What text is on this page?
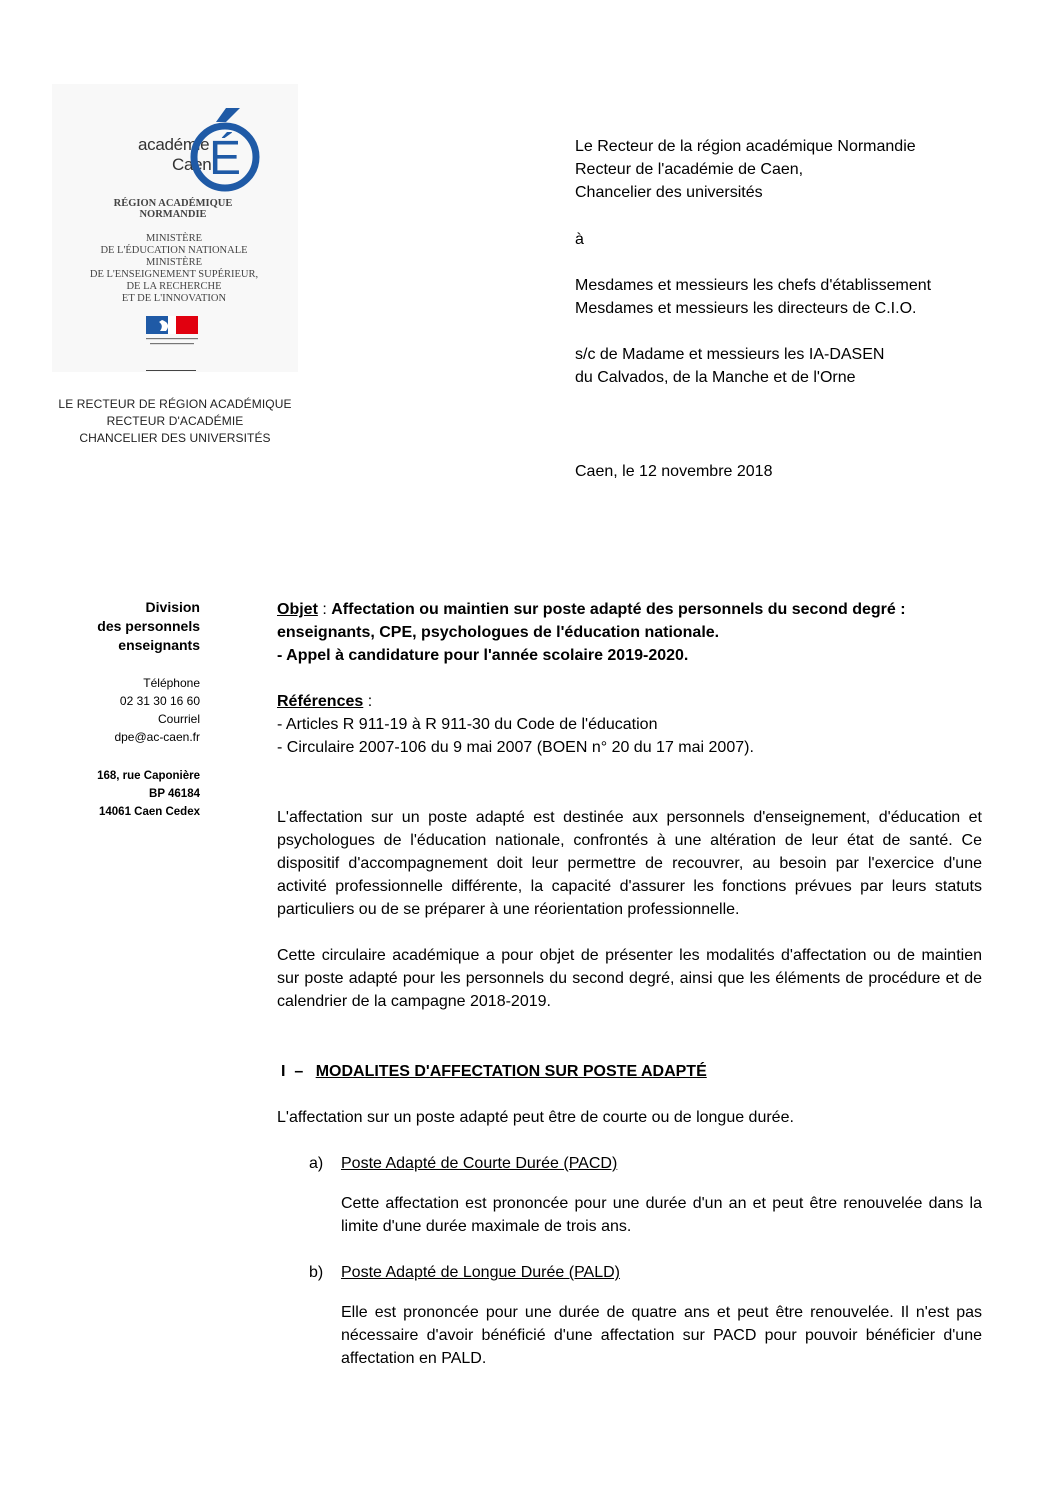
académie
Caen
É
RÉGION ACADÉMIQUE
NORMANDIE
MINISTÈRE
DE L'ÉDUCATION NATIONALE
MINISTÈRE
DE L'ENSEIGNEMENT SUPÉRIEUR,
DE LA RECHERCHE
ET DE L'INNOVATION
LE RECTEUR DE RÉGION ACADÉMIQUE
RECTEUR D'ACADÉMIE
CHANCELIER DES UNIVERSITÉS
Le Recteur de la région académique Normandie
Recteur de l'académie de Caen,
Chancelier des universités
à
Mesdames et messieurs les chefs d'établissement
Mesdames et messieurs les directeurs de C.I.O.
s/c de Madame et messieurs les IA-DASEN
du Calvados, de la Manche et de l'Orne
Caen, le 12 novembre 2018
Division
des personnels
enseignants
Téléphone
02 31 30 16 60
Courriel
dpe@ac-caen.fr
168, rue Caponière
BP 46184
14061 Caen Cedex
Objet : Affectation ou maintien sur poste adapté des personnels du second degré :
enseignants, CPE, psychologues de l'éducation nationale.
- Appel à candidature pour l'année scolaire 2019-2020.
Références :
- Articles R 911-19 à R 911-30 du Code de l'éducation
- Circulaire 2007-106 du 9 mai 2007 (BOEN n° 20 du 17 mai 2007).

L'affectation sur un poste adapté est destinée aux personnels d'enseignement, d'éducation et psychologues de l'éducation nationale, confrontés à une altération de leur état de santé. Ce dispositif d'accompagnement doit leur permettre de recouvrer, au besoin par l'exercice d'une activité professionnelle différente, la capacité d'assurer les fonctions prévues par leurs statuts particuliers ou de se préparer à une réorientation professionnelle.

Cette circulaire académique a pour objet de présenter les modalités d'affectation ou de maintien sur poste adapté pour les personnels du second degré, ainsi que les éléments de procédure et de calendrier de la campagne 2018-2019.

I  – MODALITES D'AFFECTATION SUR POSTE ADAPTÉ
L'affectation sur un poste adapté peut être de courte ou de longue durée.
a) Poste Adapté de Courte Durée (PACD)

Cette affectation est prononcée pour une durée d'un an et peut être renouvelée dans la limite d'une durée maximale de trois ans.

b) Poste Adapté de Longue Durée (PALD)

Elle est prononcée pour une durée de quatre ans et peut être renouvelée. Il n'est pas nécessaire d'avoir bénéficié d'une affectation sur PACD pour pouvoir bénéficier d'une affectation en PALD.
